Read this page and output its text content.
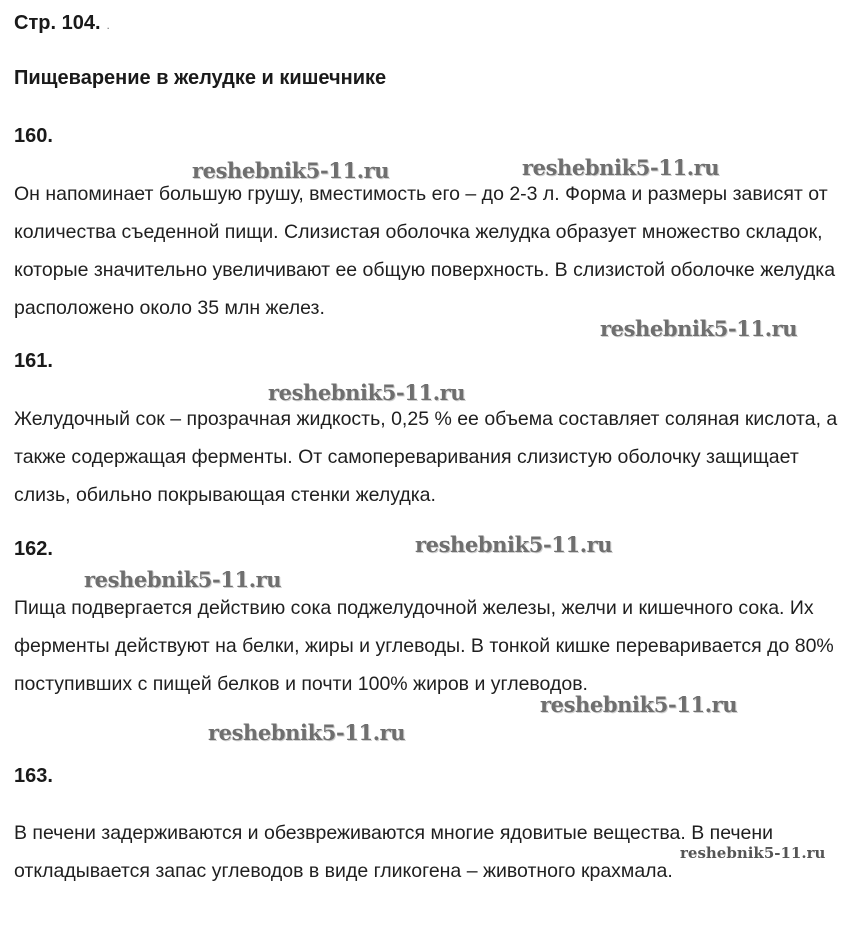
Стр. 104. .
Пищеварение в желудке и кишечнике
160.
Он напоминает большую грушу, вместимость его – до 2-3 л. Форма и размеры зависят от количества съеденной пищи. Слизистая оболочка желудка образует множество складок, которые значительно увеличивают ее общую поверхность. В слизистой оболочке желудка расположено около 35 млн желез.
161.
Желудочный сок – прозрачная жидкость, 0,25 % ее объема составляет соляная кислота, а также содержащая ферменты. От самопереваривания слизистую оболочку защищает слизь, обильно покрывающая стенки желудка.
162.
Пища подвергается действию сока поджелудочной железы, желчи и кишечного сока. Их ферменты действуют на белки, жиры и углеводы. В тонкой кишке переваривается до 80% поступивших с пищей белков и почти 100% жиров и углеводов.
163.
В печени задерживаются и обезвреживаются многие ядовитые вещества. В печени откладывается запас углеводов в виде гликогена – животного крахмала.
reshebnik5-11.ru	reshebnik5-11.ru
reshebnik5-11.ru
reshebnik5-11.ru
reshebnik5-11.ru
reshebnik5-11.ru
reshebnik5-11.ru
reshebnik5-11.ru
reshebnik5-11.ru
